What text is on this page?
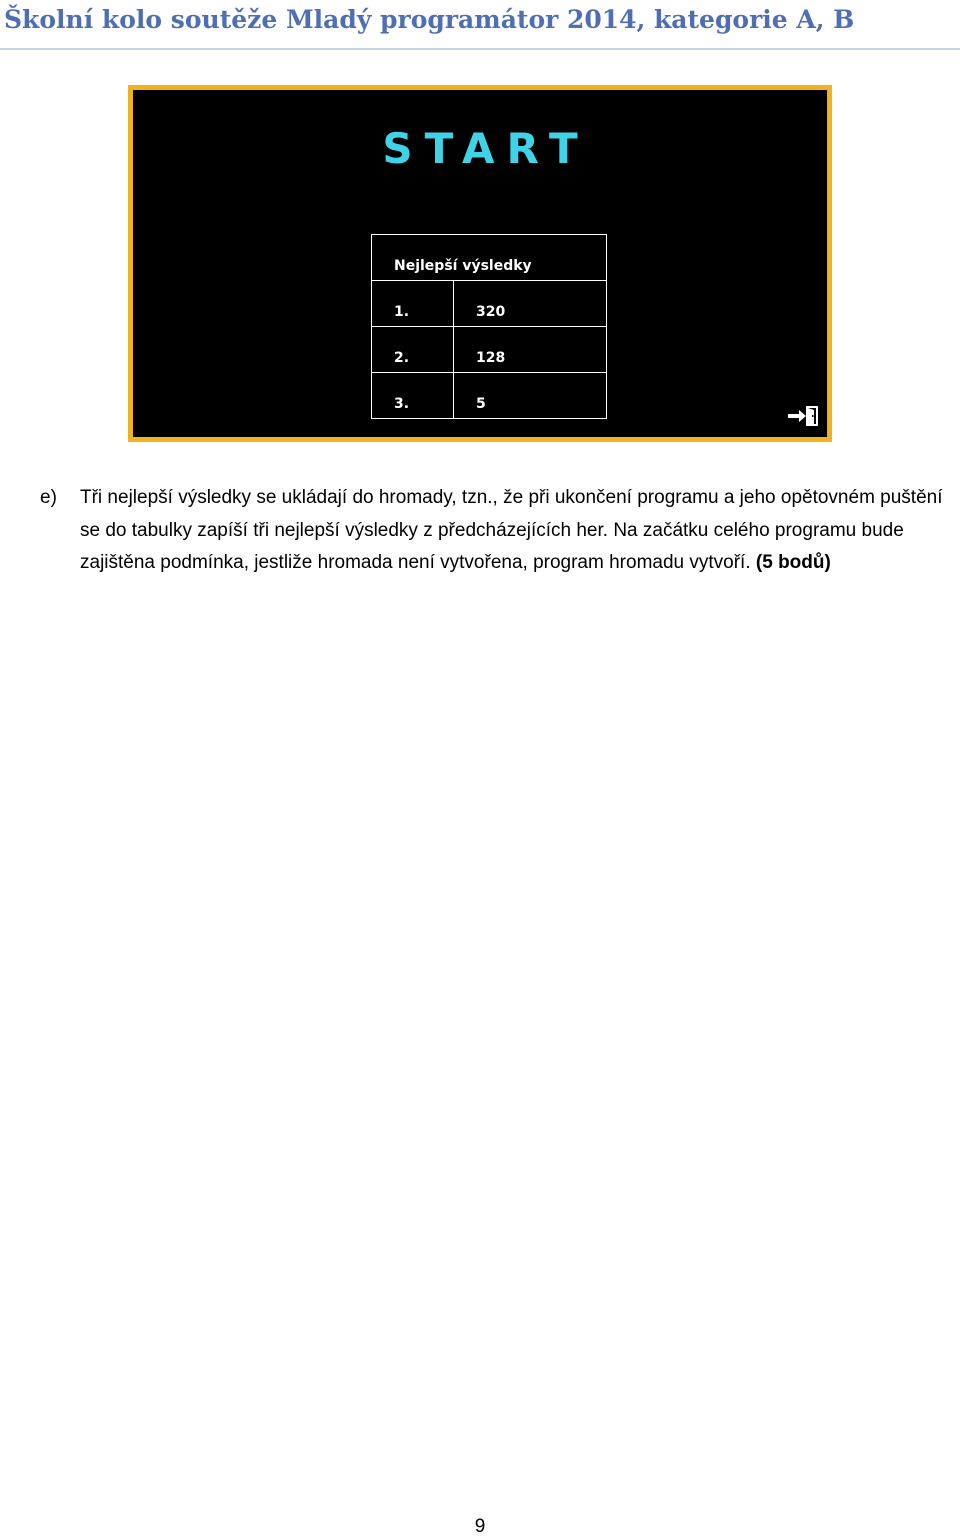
Školní kolo soutěže Mladý programátor 2014, kategorie A, B
START
Nejlepší výsledky	
1.	320
2.	128
3.	5
e) Tři nejlepší výsledky se ukládají do hromady, tzn., že při ukončení programu a jeho opětovném puštění se do tabulky zapíší tři nejlepší výsledky z předcházejících her. Na začátku celého programu bude zajištěna podmínka, jestliže hromada není vytvořena, program hromadu vytvoří. (5 bodů)
9
